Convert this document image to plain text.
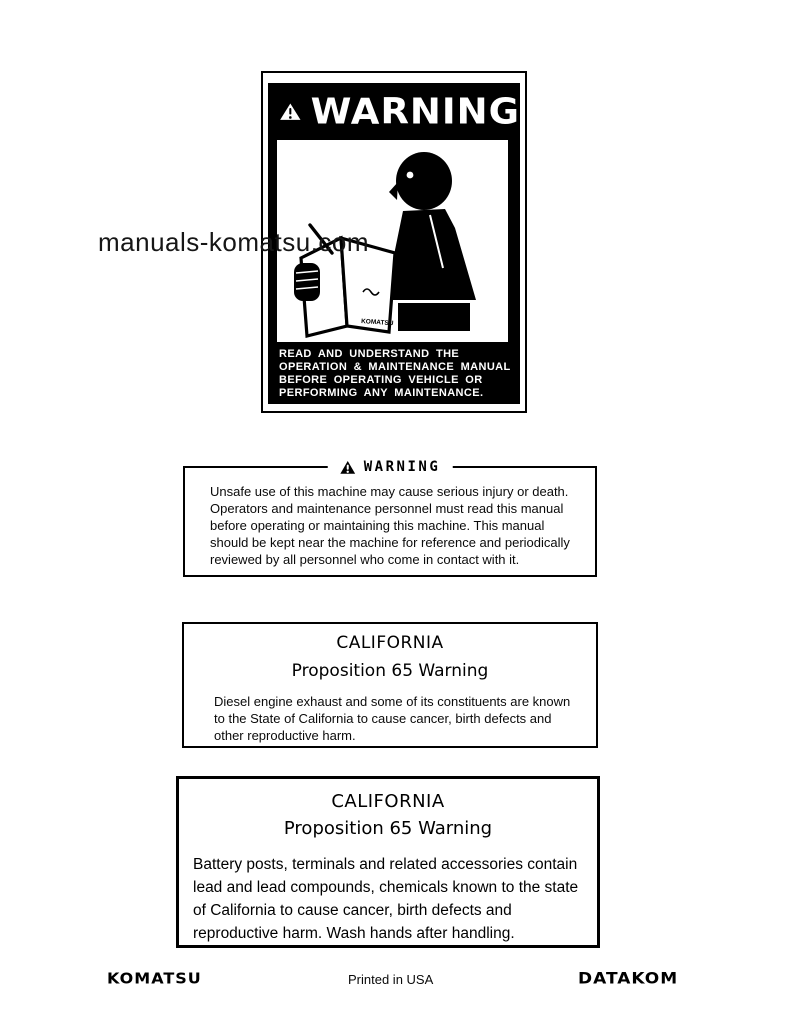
manuals-komatsu.com
WARNING
KOMATSU
READ AND UNDERSTAND THE
OPERATION & MAINTENANCE MANUAL
BEFORE OPERATING VEHICLE OR
PERFORMING ANY MAINTENANCE.
WARNING
Unsafe use of this machine may cause serious injury or death.
Operators and maintenance personnel must read this manual
before operating or maintaining this machine. This manual
should be kept near the machine for reference and periodically
reviewed by all personnel who come in contact with it.
CALIFORNIA
Proposition 65 Warning
Diesel engine exhaust and some of its constituents are known
to the State of California to cause cancer, birth defects and
other reproductive harm.
CALIFORNIA
Proposition 65 Warning
Battery posts, terminals and related accessories contain
lead and lead compounds, chemicals known to the state
of California to cause cancer, birth defects and
reproductive harm. Wash hands after handling.
KOMATSU	Printed in USA	DATAKOM
